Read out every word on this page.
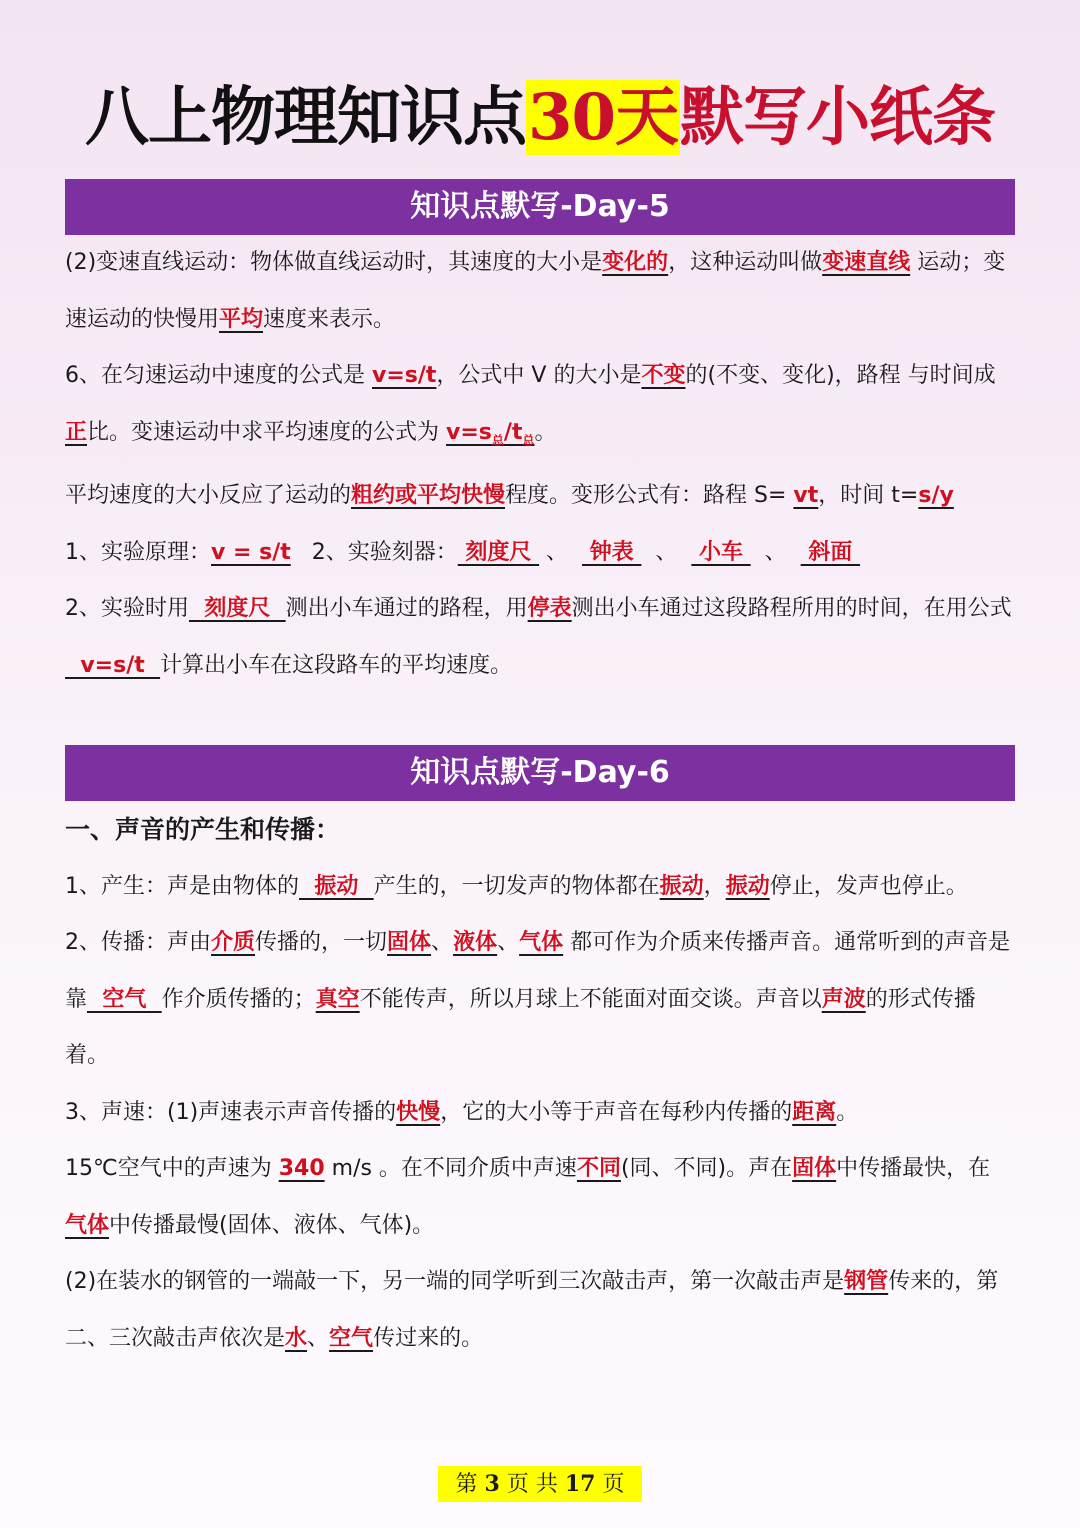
八上物理知识点30天默写小纸条
知识点默写-Day-5

(2)变速直线运动：物体做直线运动时，其速度的大小是变化的，这种运动叫做变速直线 运动；变速运动的快慢用平均速度来表示。

6、在匀速运动中速度的公式是 v=s/t，公式中 V 的大小是不变的(不变、变化)，路程 与时间成正比。变速运动中求平均速度的公式为 $v=s_总/t_总$。

平均速度的大小反应了运动的粗约或平均快慢程度。变形公式有：路程 S= vt，时间 t=s/y

1、实验原理：v = s/t   2、实验刻器： 刻度尺  、   钟表   、   小车   、   斜面

2、实验时用  刻度尺  测出小车通过的路程，用停表测出小车通过这段路程所用的时间，在用公式  v=s/t  计算出小车在这段路车的平均速度。

知识点默写-Day-6

一、声音的产生和传播：

1、产生：声是由物体的  振动  产生的，一切发声的物体都在振动，振动停止，发声也停止。

2、传播：声由介质传播的，一切固体、液体、气体 都可作为介质来传播声音。通常听到的声音是靠  空气  作介质传播的；真空不能传声，所以月球上不能面对面交谈。声音以声波的形式传播着。

3、声速：(1)声速表示声音传播的快慢，它的大小等于声音在每秒内传播的距离。

15℃空气中的声速为 340 m/s 。在不同介质中声速不同(同、不同)。声在固体中传播最快，在气体中传播最慢(固体、液体、气体)。

(2)在装水的钢管的一端敲一下，另一端的同学听到三次敲击声，第一次敲击声是钢管传来的，第二、三次敲击声依次是水、空气传过来的。

第 3 页 共 17 页
